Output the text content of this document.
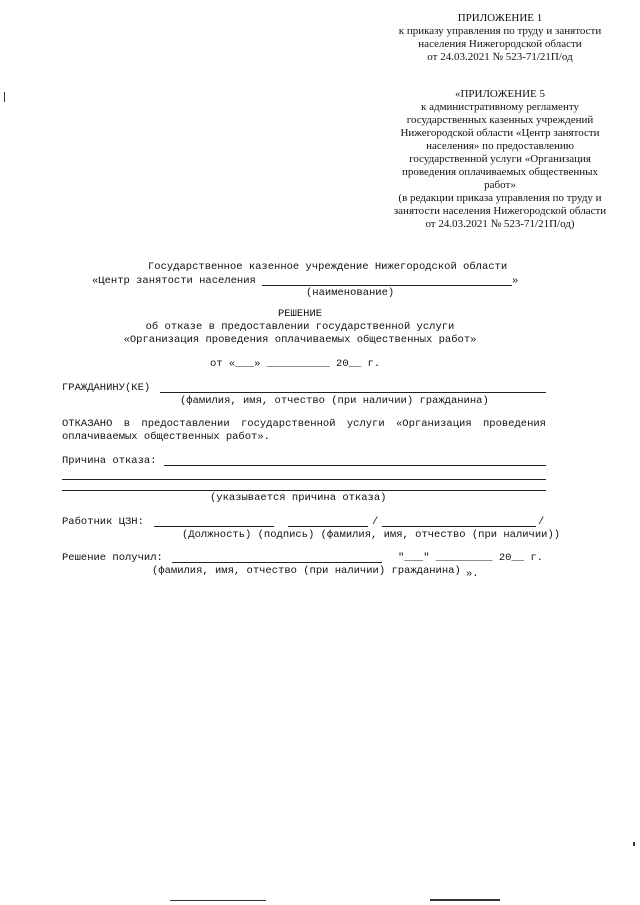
ПРИЛОЖЕНИЕ 1
к приказу управления по труду и занятости
населения Нижегородской области
от 24.03.2021 № 523-71/21П/од
«ПРИЛОЖЕНИЕ 5
к административному регламенту
государственных казенных учреждений
Нижегородской области «Центр занятости
населения» по предоставлению
государственной услуги «Организация
проведения оплачиваемых общественных
работ»
(в редакции приказа управления по труду и
занятости населения Нижегородской области
от 24.03.2021 № 523-71/21П/од)
Государственное казенное учреждение Нижегородской области
«Центр занятости населения	»
(наименование)
РЕШЕНИЕ
об отказе в предоставлении государственной услуги
«Организация проведения оплачиваемых общественных работ»
от «___» __________ 20__ г.
ГРАЖДАНИНУ(КЕ)
(фамилия, имя, отчество (при наличии) гражданина)
ОТКАЗАНО в предоставлении государственной услуги «Организация проведения
оплачиваемых общественных работ».
Причина отказа:
(указывается причина отказа)
Работник ЦЗН:	/	/
(Должность) (подпись) (фамилия, имя, отчество (при наличии))
Решение получил:	"___" _________ 20__ г.
(фамилия, имя, отчество (при наличии) гражданина) ».
